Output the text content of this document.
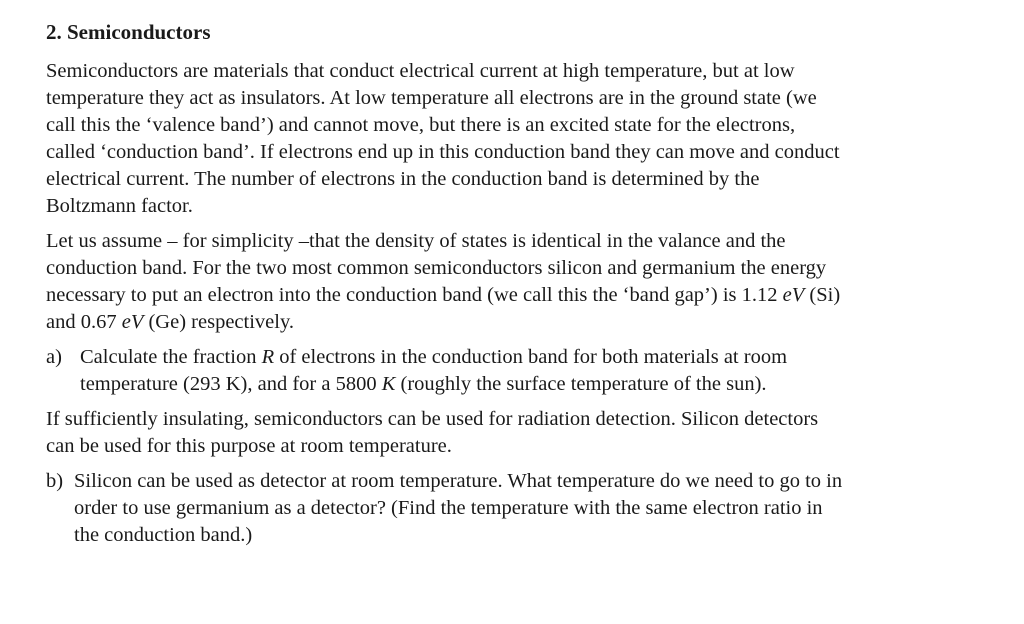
2. Semiconductors
Semiconductors are materials that conduct electrical current at high temperature, but at low
temperature they act as insulators. At low temperature all electrons are in the ground state (we
call this the ‘valence band’) and cannot move, but there is an excited state for the electrons,
called ‘conduction band’. If electrons end up in this conduction band they can move and conduct
electrical current. The number of electrons in the conduction band is determined by the
Boltzmann factor.
Let us assume – for simplicity –that the density of states is identical in the valance and the
conduction band. For the two most common semiconductors silicon and germanium the energy
necessary to put an electron into the conduction band (we call this the ‘band gap’) is 1.12 eV (Si)
and 0.67 eV (Ge) respectively.
a) Calculate the fraction R of electrons in the conduction band for both materials at room
temperature (293 K), and for a 5800 K (roughly the surface temperature of the sun).
If sufficiently insulating, semiconductors can be used for radiation detection. Silicon detectors
can be used for this purpose at room temperature.
b) Silicon can be used as detector at room temperature. What temperature do we need to go to in
order to use germanium as a detector? (Find the temperature with the same electron ratio in
the conduction band.)
